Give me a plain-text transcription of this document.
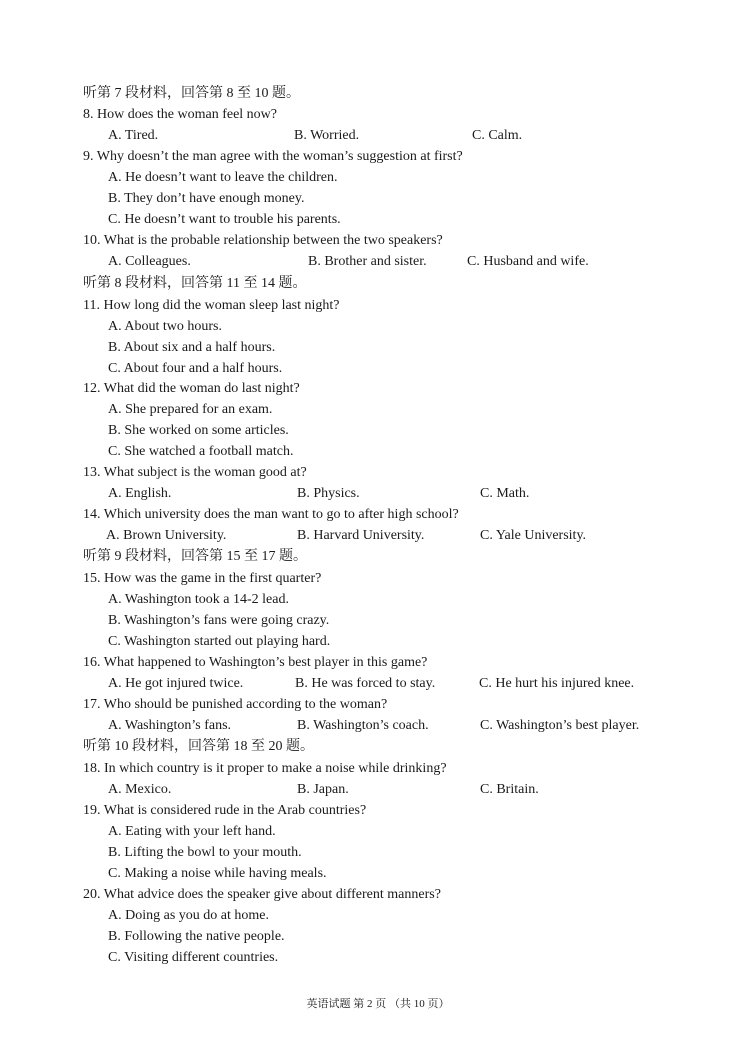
听第 7 段材料，回答第 8 至 10 题。
8. How does the woman feel now?
A. Tired.	B. Worried.	C. Calm.
9. Why doesn’t the man agree with the woman’s suggestion at first?
A. He doesn’t want to leave the children.
B. They don’t have enough money.
C. He doesn’t want to trouble his parents.
10. What is the probable relationship between the two speakers?
A. Colleagues.	B. Brother and sister.	C. Husband and wife.
听第 8 段材料，回答第 11 至 14 题。
11. How long did the woman sleep last night?
A. About two hours.
B. About six and a half hours.
C. About four and a half hours.
12. What did the woman do last night?
A. She prepared for an exam.
B. She worked on some articles.
C. She watched a football match.
13. What subject is the woman good at?
A. English.	B. Physics.	C. Math.
14. Which university does the man want to go to after high school?
A. Brown University.	B. Harvard University.	C. Yale University.
听第 9 段材料，回答第 15 至 17 题。
15. How was the game in the first quarter?
A. Washington took a 14-2 lead.
B. Washington’s fans were going crazy.
C. Washington started out playing hard.
16. What happened to Washington’s best player in this game?
A. He got injured twice.	B. He was forced to stay.	C. He hurt his injured knee.
17. Who should be punished according to the woman?
A. Washington’s fans.	B. Washington’s coach.	C. Washington’s best player.
听第 10 段材料，回答第 18 至 20 题。
18. In which country is it proper to make a noise while drinking?
A. Mexico.	B. Japan.	C. Britain.
19. What is considered rude in the Arab countries?
A. Eating with your left hand.
B. Lifting the bowl to your mouth.
C. Making a noise while having meals.
20. What advice does the speaker give about different manners?
A. Doing as you do at home.
B. Following the native people.
C. Visiting different countries.
英语试题 第 2 页 （共 10 页）
